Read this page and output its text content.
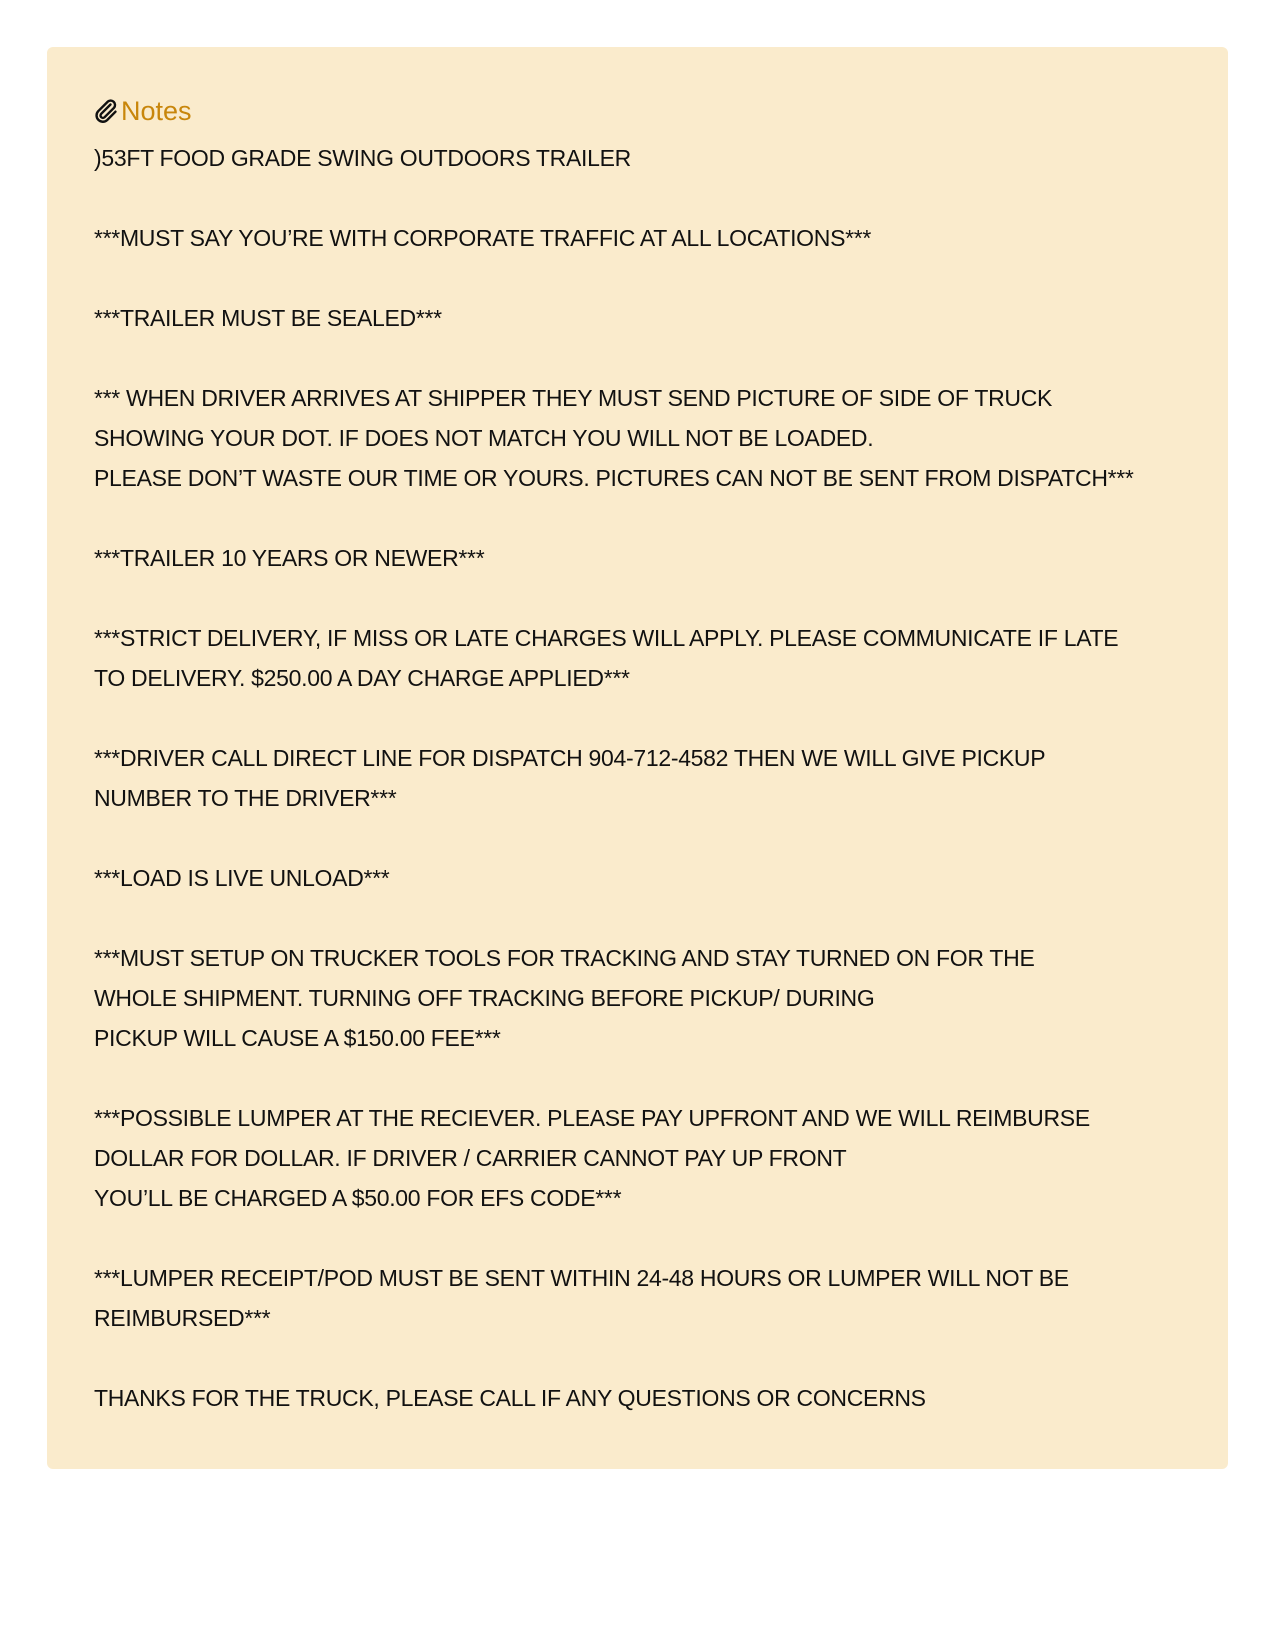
Notes
)53FT FOOD GRADE SWING OUTDOORS TRAILER
***MUST SAY YOU’RE WITH CORPORATE TRAFFIC AT ALL LOCATIONS***
***TRAILER MUST BE SEALED***
*** WHEN DRIVER ARRIVES AT SHIPPER THEY MUST SEND PICTURE OF SIDE OF TRUCK
SHOWING YOUR DOT. IF DOES NOT MATCH YOU WILL NOT BE LOADED.
PLEASE DON’T WASTE OUR TIME OR YOURS. PICTURES CAN NOT BE SENT FROM DISPATCH***
***TRAILER 10 YEARS OR NEWER***
***STRICT DELIVERY, IF MISS OR LATE CHARGES WILL APPLY. PLEASE COMMUNICATE IF LATE
TO DELIVERY. $250.00 A DAY CHARGE APPLIED***
***DRIVER CALL DIRECT LINE FOR DISPATCH 904-712-4582 THEN WE WILL GIVE PICKUP
NUMBER TO THE DRIVER***
***LOAD IS LIVE UNLOAD***
***MUST SETUP ON TRUCKER TOOLS FOR TRACKING AND STAY TURNED ON FOR THE
WHOLE SHIPMENT. TURNING OFF TRACKING BEFORE PICKUP/ DURING
PICKUP WILL CAUSE A $150.00 FEE***
***POSSIBLE LUMPER AT THE RECIEVER. PLEASE PAY UPFRONT AND WE WILL REIMBURSE
DOLLAR FOR DOLLAR. IF DRIVER / CARRIER CANNOT PAY UP FRONT
YOU’LL BE CHARGED A $50.00 FOR EFS CODE***
***LUMPER RECEIPT/POD MUST BE SENT WITHIN 24-48 HOURS OR LUMPER WILL NOT BE
REIMBURSED***
THANKS FOR THE TRUCK, PLEASE CALL IF ANY QUESTIONS OR CONCERNS
